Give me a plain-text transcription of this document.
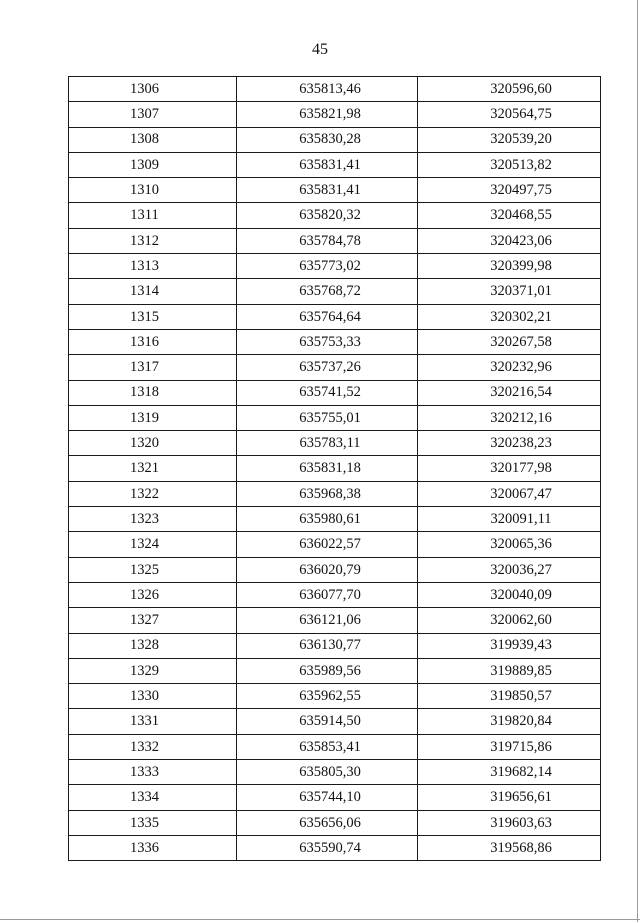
45
1306	635813,46	320596,60
1307	635821,98	320564,75
1308	635830,28	320539,20
1309	635831,41	320513,82
1310	635831,41	320497,75
1311	635820,32	320468,55
1312	635784,78	320423,06
1313	635773,02	320399,98
1314	635768,72	320371,01
1315	635764,64	320302,21
1316	635753,33	320267,58
1317	635737,26	320232,96
1318	635741,52	320216,54
1319	635755,01	320212,16
1320	635783,11	320238,23
1321	635831,18	320177,98
1322	635968,38	320067,47
1323	635980,61	320091,11
1324	636022,57	320065,36
1325	636020,79	320036,27
1326	636077,70	320040,09
1327	636121,06	320062,60
1328	636130,77	319939,43
1329	635989,56	319889,85
1330	635962,55	319850,57
1331	635914,50	319820,84
1332	635853,41	319715,86
1333	635805,30	319682,14
1334	635744,10	319656,61
1335	635656,06	319603,63
1336	635590,74	319568,86
